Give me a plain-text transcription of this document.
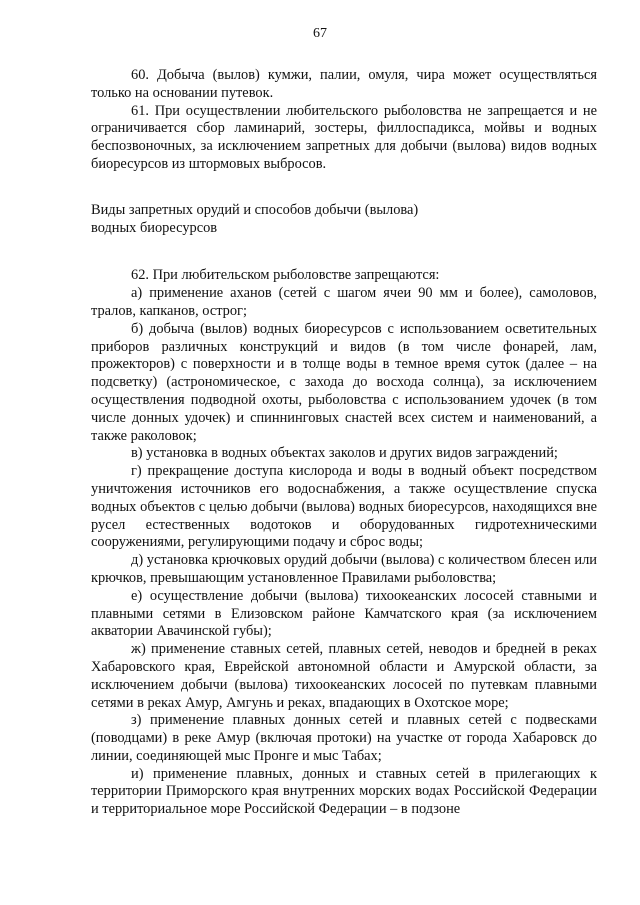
67

60. Добыча (вылов) кумжи, палии, омуля, чира может осуществляться только на основании путевок.

61. При осуществлении любительского рыболовства не запрещается и не ограничивается сбор ламинарий, зостеры, филлоспадикса, мойвы и водных беспозвоночных, за исключением запретных для добычи (вылова) видов водных биоресурсов из штормовых выбросов.

Виды запретных орудий и способов добычи (вылова)

водных биоресурсов

62. При любительском рыболовстве запрещаются:

а) применение аханов (сетей с шагом ячеи 90 мм и более), самоловов, тралов, капканов, острог;

б) добыча (вылов) водных биоресурсов с использованием осветительных приборов различных конструкций и видов (в том числе фонарей, лам, прожекторов) с поверхности и в толще воды в темное время суток (далее – на подсветку) (астрономическое, с захода до восхода солнца), за исключением осуществления подводной охоты, рыболовства с использованием удочек (в том числе донных удочек) и спиннинговых снастей всех систем и наименований, а также раколовок;

в) установка в водных объектах заколов и других видов заграждений;

г) прекращение доступа кислорода и воды в водный объект посредством уничтожения источников его водоснабжения, а также осуществление спуска водных объектов с целью добычи (вылова) водных биоресурсов, находящихся вне русел естественных водотоков и оборудованных гидротехническими сооружениями, регулирующими подачу и сброс воды;

д) установка крючковых орудий добычи (вылова) с количеством блесен или крючков, превышающим установленное Правилами рыболовства;

е) осуществление добычи (вылова) тихоокеанских лососей ставными и плавными сетями в Елизовском районе Камчатского края (за исключением акватории Авачинской губы);

ж) применение ставных сетей, плавных сетей, неводов и бредней в реках Хабаровского края, Еврейской автономной области и Амурской области, за исключением добычи (вылова) тихоокеанских лососей по путевкам плавными сетями в реках Амур, Амгунь и реках, впадающих в Охотское море;

з) применение плавных донных сетей и плавных сетей с подвесками (поводцами) в реке Амур (включая протоки) на участке от города Хабаровск до линии, соединяющей мыс Пронге и мыс Табах;

и) применение плавных, донных и ставных сетей в прилегающих к территории Приморского края внутренних морских водах Российской Федерации и территориальное море Российской Федерации – в подзоне
